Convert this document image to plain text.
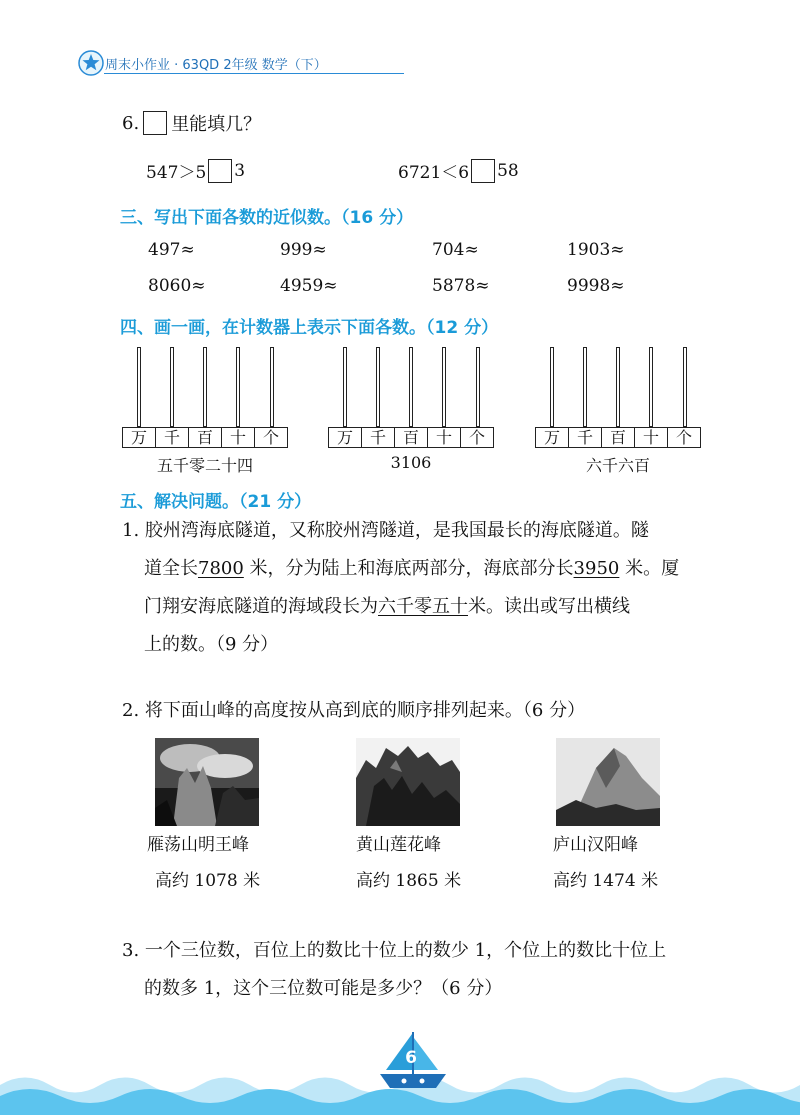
周末小作业 · 63QD 2年级 数学（下）
6. 里能填几？
547＞5 3	6721＜6 58
三、写出下面各数的近似数。（16 分）
497≈	999≈	704≈	1903≈
8060≈	4959≈	5878≈	9998≈
四、画一画，在计数器上表示下面各数。（12 分）
万	千	百	十	个
五千零二十四
万	千	百	十	个
3106
万	千	百	十	个
六千六百
五、解决问题。（21 分）
1. 胶州湾海底隧道，又称胶州湾隧道，是我国最长的海底隧道。隧
道全长7800 米，分为陆上和海底两部分，海底部分长3950 米。厦
门翔安海底隧道的海域段长为六千零五十米。读出或写出横线
上的数。（9 分）
2. 将下面山峰的高度按从高到底的顺序排列起来。（6 分）
雁荡山明王峰
高约 1078 米
黄山莲花峰
高约 1865 米
庐山汉阳峰
高约 1474 米
3. 一个三位数，百位上的数比十位上的数少 1，个位上的数比十位上
的数多 1，这个三位数可能是多少？（6 分）
6
